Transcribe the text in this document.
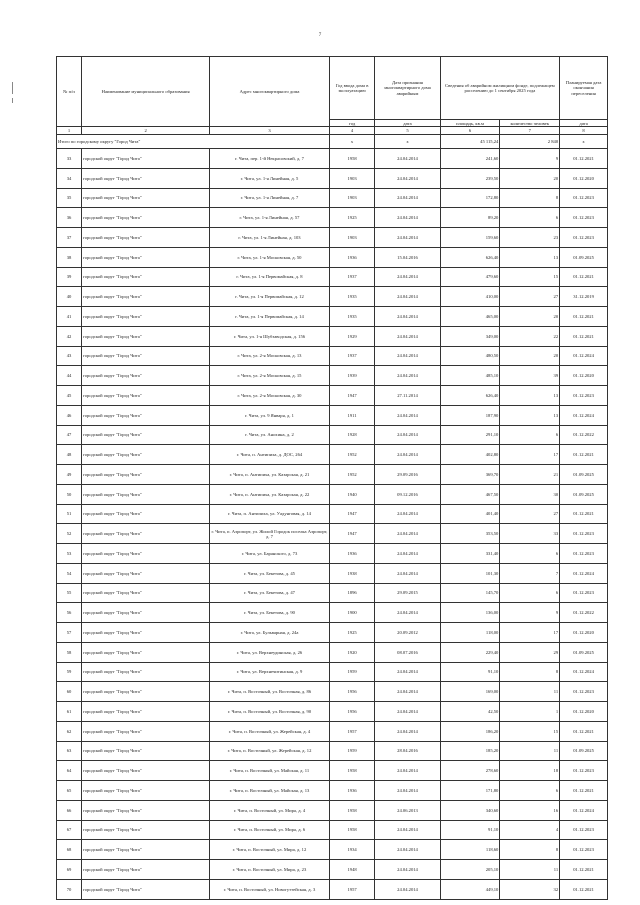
7
№ п/п	Наименование муниципального образования	Адрес многоквартирного дома	Год ввода дома в эксплуатацию	Дата признания многоквартирного дома аварийным	Сведения об аварийном жилищном фонде, подлежащем расселению до 1 сентября 2025 года		Планируемая дата окончания переселения
			год	дата	площадь, кв.м	количество человек	дата
1	2	3	4	5	6	7	8
Итого по городскому округу "Город Чита"			x	x	45 115,24	2 840	x
33	городской округ "Город Чита"	г. Чита, пер. 1-й Некрасовский, д. 7	1958	24.04.2014	241,60	9	01.12.2021
34	городской округ "Город Чита"	г. Чита, ул. 1-я Линейная, д. 5	1903	24.04.2014	239,50	20	01.12.2020
35	городской округ "Город Чита"	г. Чита, ул. 1-я Линейная, д. 7	1903	24.04.2014	172,80	8	01.12.2023
36	городской округ "Город Чита"	г. Чита, ул. 1-я Линейная, д. 57	1925	24.04.2014	89,20	6	01.12.2023
37	городской округ "Город Чита"	г. Чита, ул. 1-я Линейная, д. 103	1903	24.04.2014	159,60	23	01.12.2023
38	городской округ "Город Чита"	г. Чита, ул. 1-я Московская, д. 50	1936	15.04.2016	626,40	13	01.09.2025
39	городской округ "Город Чита"	г. Чита, ул. 1-я Первомайская, д. 8	1937	24.04.2014	479,60	15	01.12.2021
40	городской округ "Город Чита"	г. Чита, ул. 1-я Первомайская, д. 12	1935	24.04.2014	410,00	27	31.12.2019
41	городской округ "Город Чита"	г. Чита, ул. 1-я Первомайская, д. 14	1935	24.04.2014	465,00	20	01.12.2021
42	городской округ "Город Чита"	г. Чита, ул. 1-я Шубзаводская, д. 156	1929	24.04.2014	349,00	22	01.12.2021
43	городской округ "Город Чита"	г. Чита, ул. 2-я Московская, д. 13	1937	24.04.2014	480,50	20	01.12.2024
44	городской округ "Город Чита"	г. Чита, ул. 2-я Московская, д. 15	1939	24.04.2014	485,10	39	01.12.2020
45	городской округ "Город Чита"	г. Чита, ул. 2-я Московская, д. 30	1947	27.11.2014	626,40	13	01.12.2023
46	городской округ "Город Чита"	г. Чита, ул. 9 Января, д. 1	1911	24.04.2014	187,90	13	01.12.2024
47	городской округ "Город Чита"	г. Чита, ул. Анохина, д. 2	1928	24.04.2014	291,10	6	01.12.2022
48	городской округ "Город Чита"	г. Чита, п. Антипиха, д. ДОС, 264	1952	24.04.2014	402,80	17	01.12.2021
49	городской округ "Город Чита"	г. Чита, п. Антипиха, ул. Казарская, д. 21	1952	29.09.2016	369,70	21	01.09.2025
50	городской округ "Город Чита"	г. Чита, п. Антипиха, ул. Казарская, д. 22	1940	09.12.2016	467,50	30	01.09.2025
51	городской округ "Город Чита"	г. Чита, п. Антипиха, ул. Уадунговая, д. 14	1947	24.04.2014	401,40	27	01.12.2021
52	городской округ "Город Чита"	г. Чита, п. Аэропорт, ул. Жилой Городок поселка Аэропорт, д. 7	1947	24.04.2014	353,50	33	01.12.2023
53	городской округ "Город Чита"	г. Чита, ул. Баранского, д. 73	1936	24.04.2014	331,40	6	01.12.2023
54	городской округ "Город Чита"	г. Чита, ул. Бекетова, д. 45	1938	24.04.2014	101,30	7	01.12.2024
55	городской округ "Город Чита"	г. Чита, ул. Бекетова, д. 47	1896	29.09.2015	145,70	6	01.12.2023
56	городской округ "Город Чита"	г. Чита, ул. Бекетова, д. 90	1900	24.04.2014	136,00	9	01.12.2022
57	городской округ "Город Чита"	г. Чита, ул. Бульварная, д. 24а	1925	20.09.2012	118,00	17	01.12.2020
58	городской округ "Город Чита"	г. Чита, ул. Верхнеудинская, д. 26	1920	08.07.2016	229,40	29	01.09.2025
59	городской округ "Город Чита"	г. Чита, ул. Верхнечитинская, д. 9	1959	24.04.2014	91,10	8	01.12.2024
60	городской округ "Город Чита"	г. Чита, п. Восточный, ул. Восточная, д. 86	1956	24.04.2014	169,00	11	01.12.2023
61	городской округ "Город Чита"	г. Чита, п. Восточный, ул. Восточная, д. 90	1956	24.04.2014	42,50	1	01.12.2020
62	городской округ "Город Чита"	г. Чита, п. Восточный, ул. Жерейская, д. 4	1957	24.04.2014	186,20	15	01.12.2021
63	городской округ "Город Чита"	г. Чита, п. Восточный, ул. Жерейская, д. 12	1959	28.04.2016	185,20	11	01.09.2025
64	городской округ "Город Чита"	г. Чита, п. Восточный, ул. Майская, д. 11	1958	24.04.2014	278,60	18	01.12.2023
65	городской округ "Город Чита"	г. Чита, п. Восточный, ул. Майская, д. 13	1936	24.04.2014	171,80	6	01.12.2021
66	городской округ "Город Чита"	г. Чита, п. Восточный, ул. Мира, д. 4	1958	24.06.2013	340,60	16	01.12.2024
67	городской округ "Город Чита"	г. Чита, п. Восточный, ул. Мира, д. 6	1958	24.04.2014	91,10	4	01.12.2023
68	городской округ "Город Чита"	г. Чита, п. Восточный, ул. Мира, д. 12	1934	24.04.2014	118,60	8	01.12.2023
69	городской округ "Город Чита"	г. Чита, п. Восточный, ул. Мира, д. 23	1948	24.04.2014	205,10	11	01.12.2021
70	городской округ "Город Чита"	г. Чита, п. Восточный, ул. Новогуттейская, д. 3	1957	24.04.2014	449,10	32	01.12.2021
